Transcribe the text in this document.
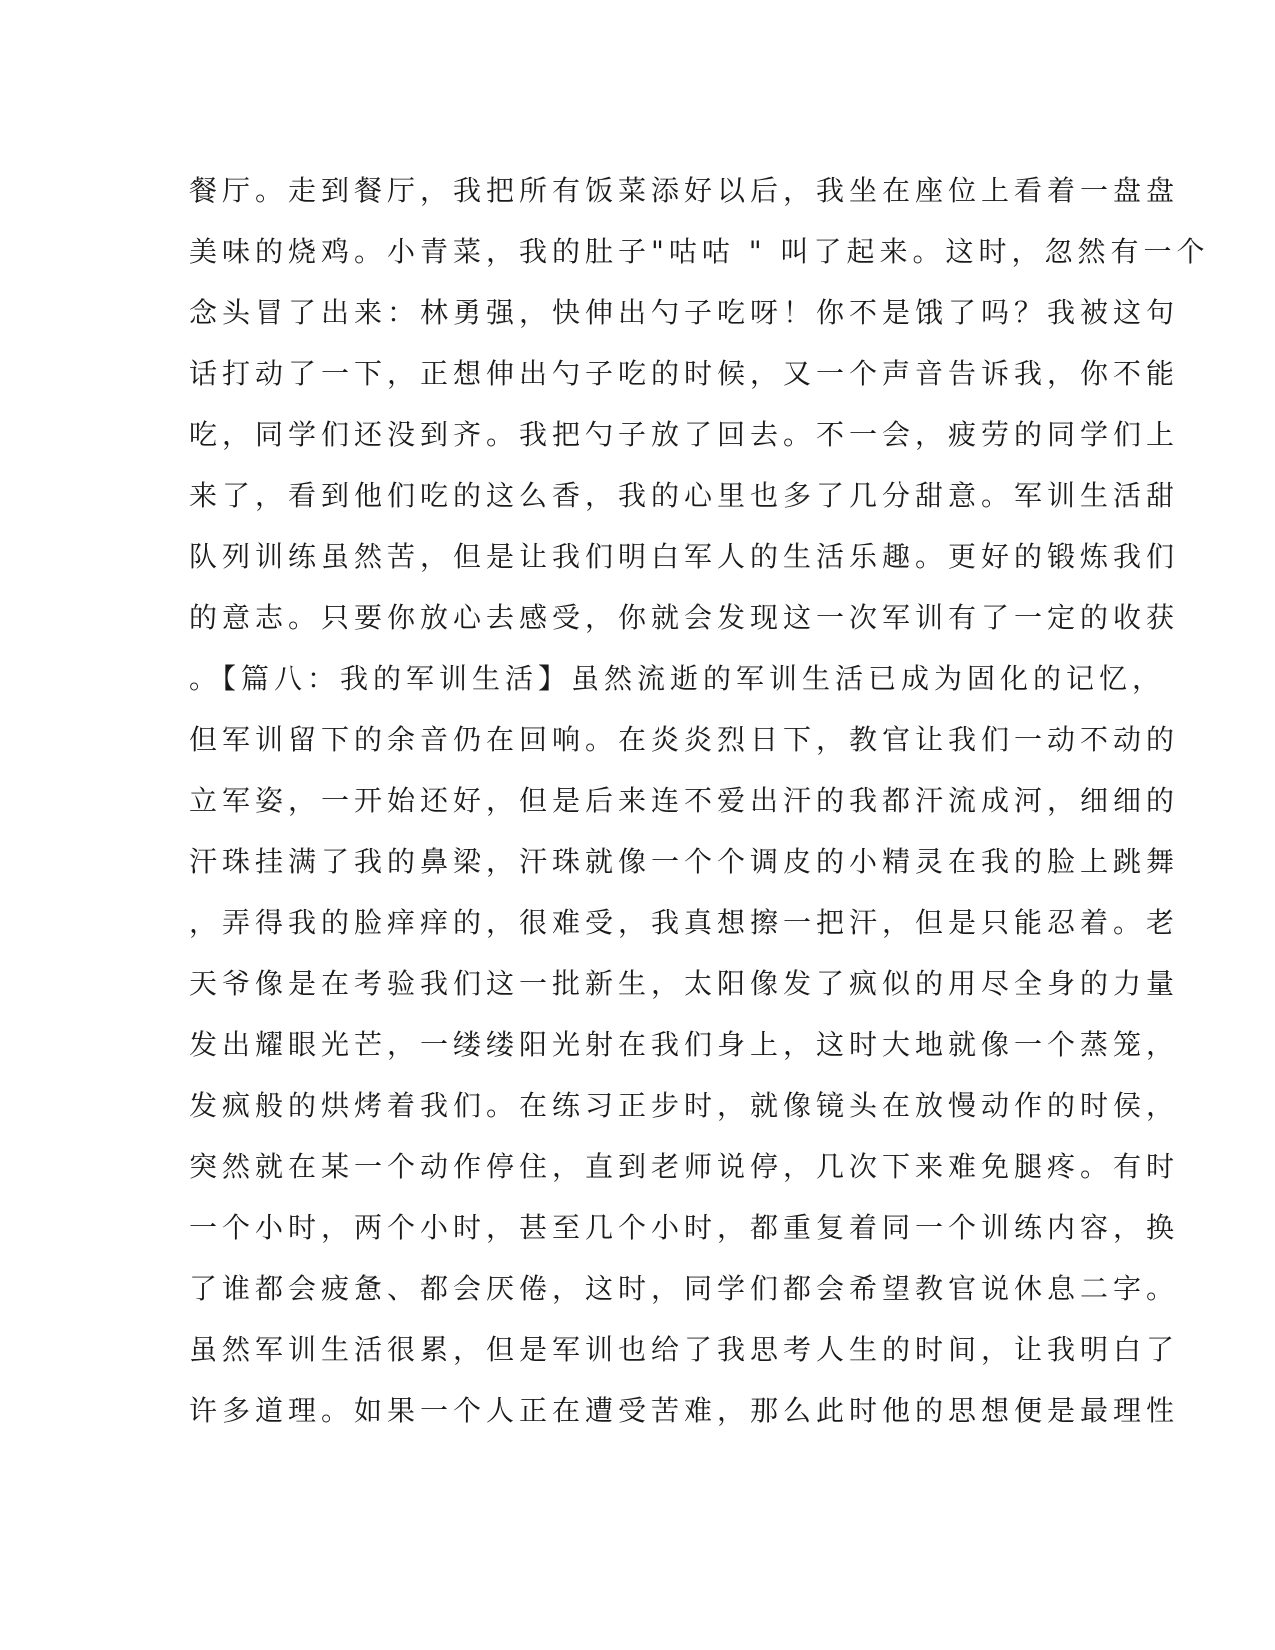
餐厅。走到餐厅，我把所有饭菜添好以后，我坐在座位上看着一盘盘
美味的烧鸡。小青菜，我的肚子"咕咕 " 叫了起来。这时，忽然有一个
念头冒了出来：林勇强，快伸出勺子吃呀！你不是饿了吗？我被这句
话打动了一下，正想伸出勺子吃的时候，又一个声音告诉我，你不能
吃，同学们还没到齐。我把勺子放了回去。不一会，疲劳的同学们上
来了，看到他们吃的这么香，我的心里也多了几分甜意。军训生活甜
队列训练虽然苦，但是让我们明白军人的生活乐趣。更好的锻炼我们
的意志。只要你放心去感受，你就会发现这一次军训有了一定的收获
。【篇八：我的军训生活】虽然流逝的军训生活已成为固化的记忆，
但军训留下的余音仍在回响。在炎炎烈日下，教官让我们一动不动的
立军姿，一开始还好，但是后来连不爱出汗的我都汗流成河，细细的
汗珠挂满了我的鼻梁，汗珠就像一个个调皮的小精灵在我的脸上跳舞
，弄得我的脸痒痒的，很难受，我真想擦一把汗，但是只能忍着。老
天爷像是在考验我们这一批新生，太阳像发了疯似的用尽全身的力量
发出耀眼光芒，一缕缕阳光射在我们身上，这时大地就像一个蒸笼，
发疯般的烘烤着我们。在练习正步时，就像镜头在放慢动作的时侯，
突然就在某一个动作停住，直到老师说停，几次下来难免腿疼。有时
一个小时，两个小时，甚至几个小时，都重复着同一个训练内容，换
了谁都会疲惫、都会厌倦，这时，同学们都会希望教官说休息二字。
虽然军训生活很累，但是军训也给了我思考人生的时间，让我明白了
许多道理。如果一个人正在遭受苦难，那么此时他的思想便是最理性
